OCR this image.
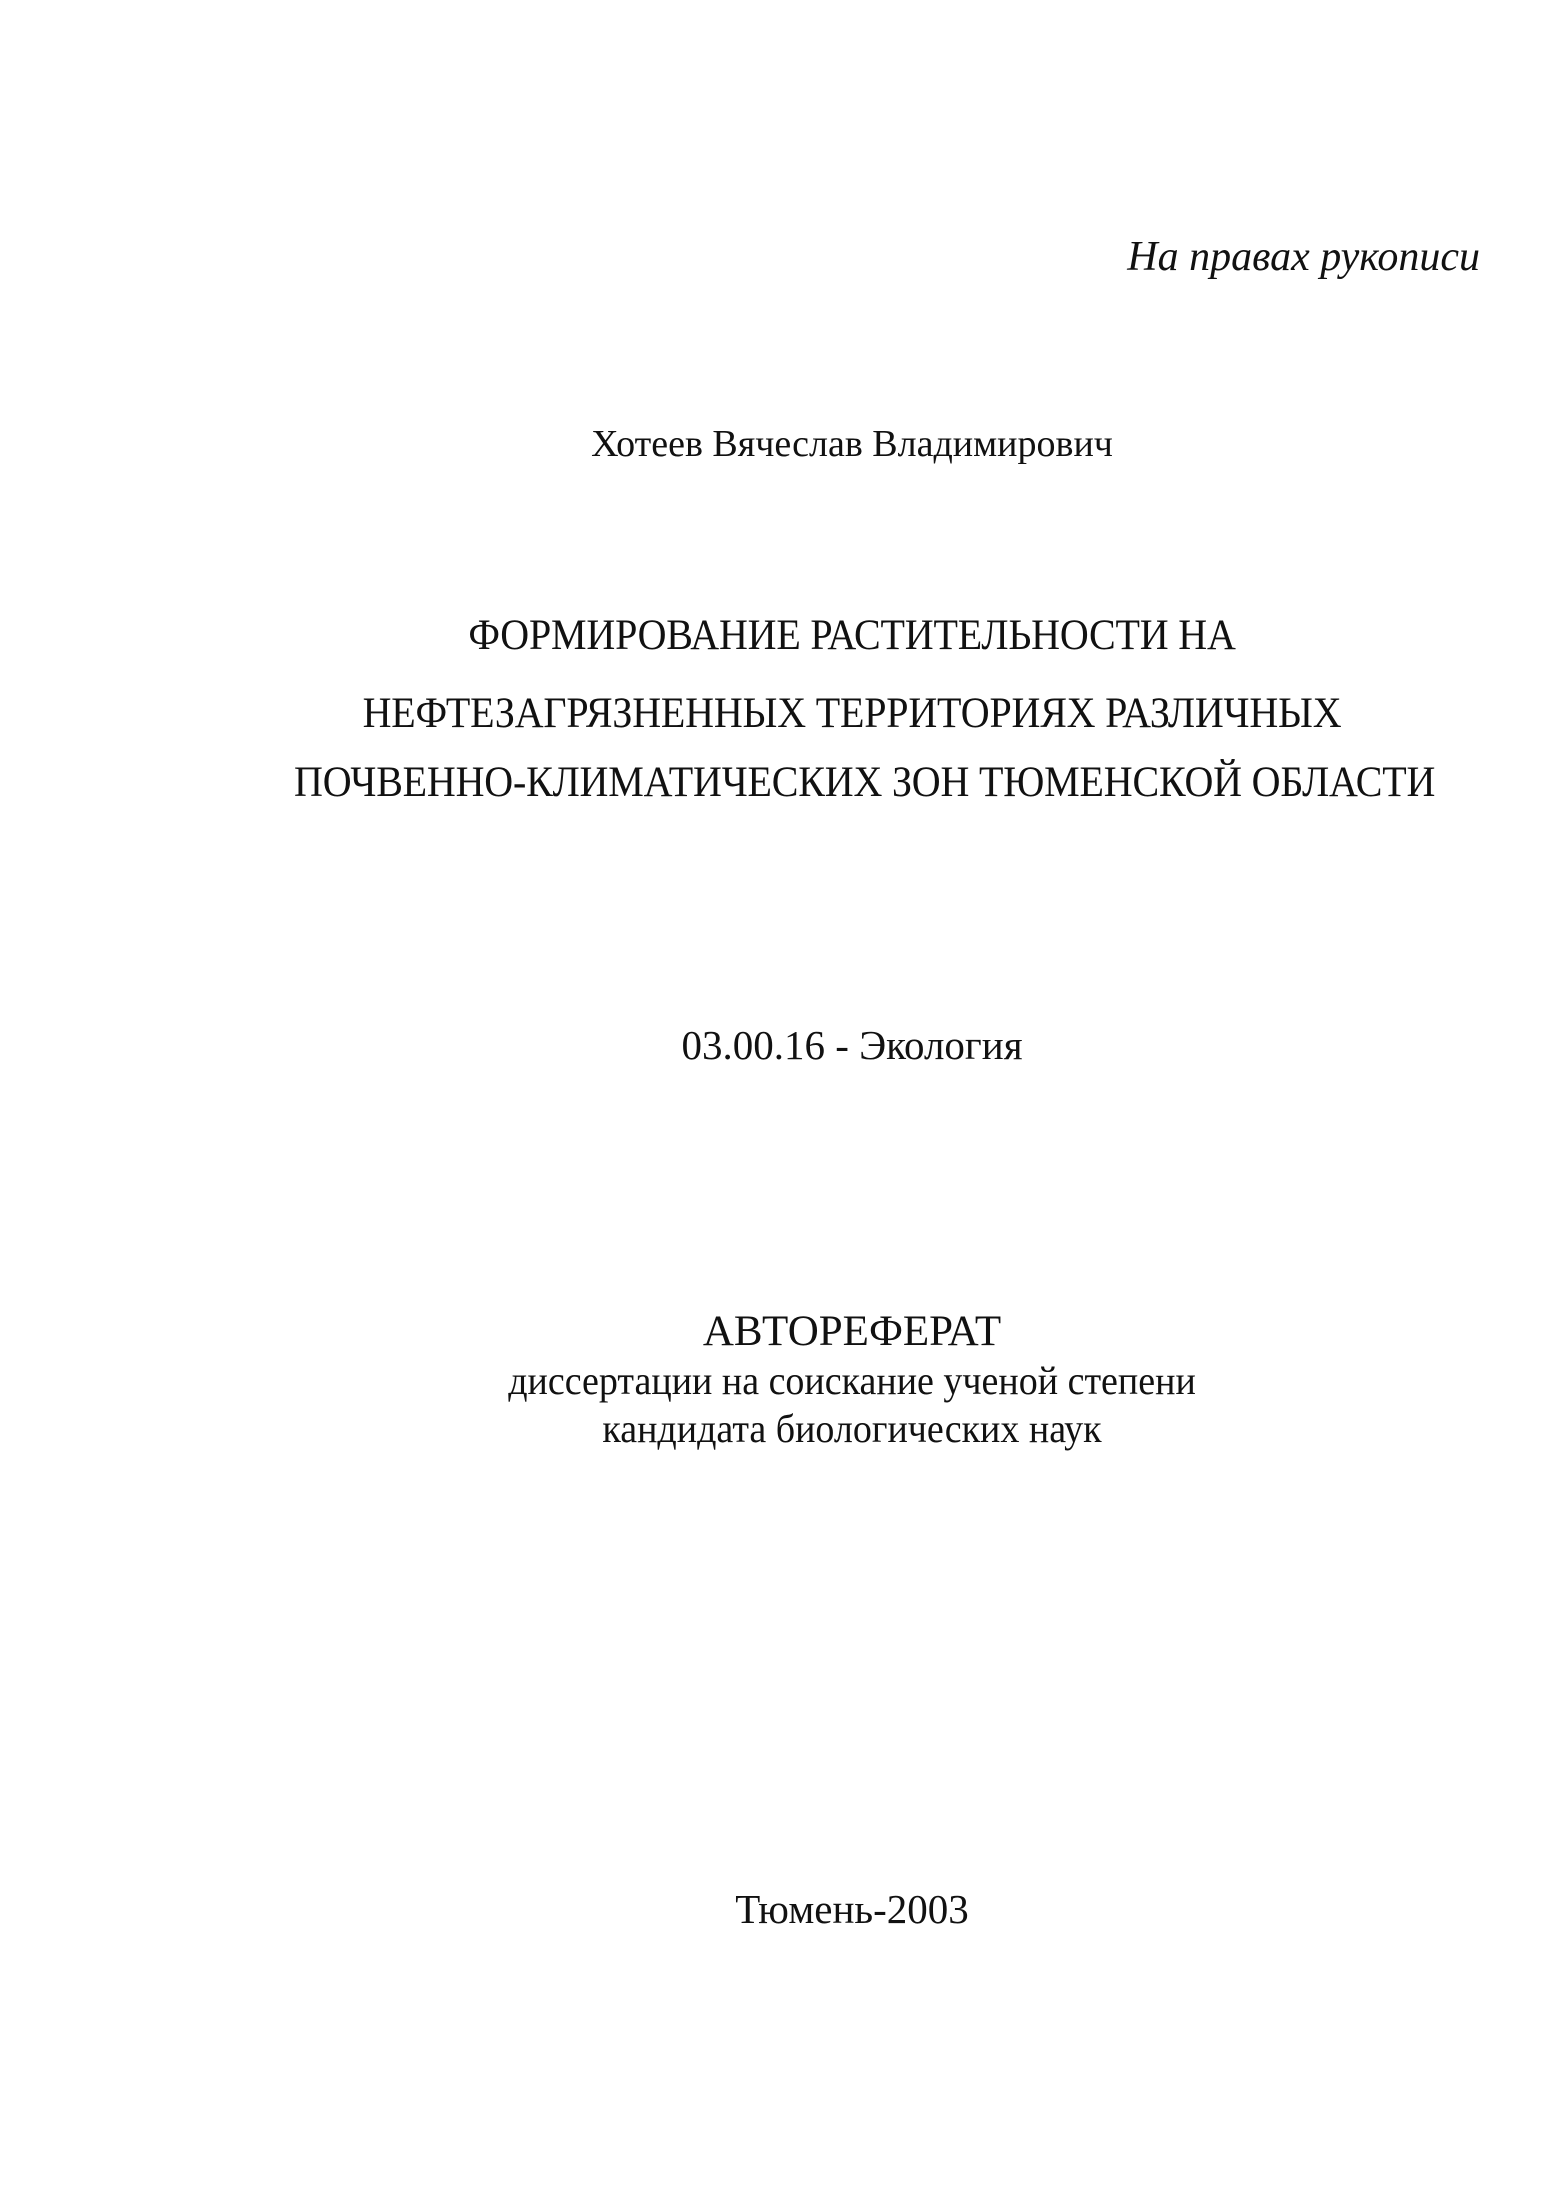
На правах рукописи
Хотеев Вячеслав Владимирович
ФОРМИРОВАНИЕ РАСТИТЕЛЬНОСТИ НА
НЕФТЕЗАГРЯЗНЕННЫХ ТЕРРИТОРИЯХ РАЗЛИЧНЫХ
ПОЧВЕННО-КЛИМАТИЧЕСКИХ ЗОН ТЮМЕНСКОЙ ОБЛАСТИ
03.00.16 - Экология
АВТОРЕФЕРАТ
диссертации на соискание ученой степени
кандидата биологических наук
Тюмень-2003
